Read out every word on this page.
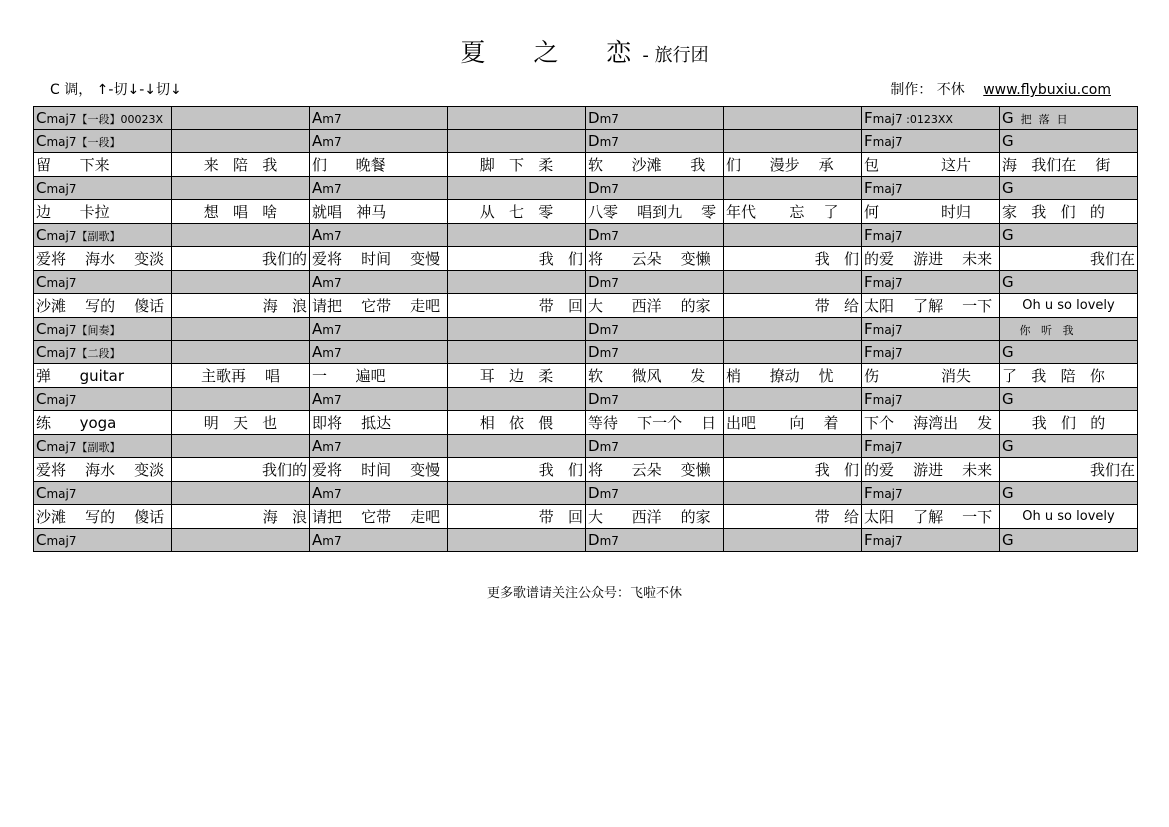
夏 之 恋 - 旅行团
C 调， ↑-切↓-↓切↓	制作： 不休 www.flybuxiu.com
Cmaj7【一段】00023X		Am7		Dm7		Fmaj7 :0123XX	G  把  落  日
Cmaj7【一段】		Am7		Dm7		Fmaj7	G
留      下来	来   陪   我	们      晚餐	脚   下   柔	软      沙滩      我	们      漫步    承	包             这片	海   我们在    街
Cmaj7		Am7		Dm7		Fmaj7	G
边      卡拉	想   唱   啥	就唱   神马	从   七   零	八零    唱到九    零	年代       忘    了	何             时归	家   我   们   的
Cmaj7【副歌】		Am7		Dm7		Fmaj7	G
爱将    海水    变淡	我们的	爱将    时间    变慢	我   们	将      云朵    变懒	我   们	的爱    游进    未来	我们在
Cmaj7		Am7		Dm7		Fmaj7	G
沙滩    写的    傻话	海   浪	请把    它带    走吧	带   回	大      西洋    的家	带   给	太阳    了解    一下	Oh u so lovely
Cmaj7【间奏】		Am7		Dm7		Fmaj7	你   听   我
Cmaj7【二段】		Am7		Dm7		Fmaj7	G
弹      guitar	主歌再    唱	一      遍吧	耳   边   柔	软      微风      发	梢      撩动    忧	伤             消失	了   我   陪   你
Cmaj7		Am7		Dm7		Fmaj7	G
练      yoga	明   天   也	即将    抵达	相   依   偎	等待    下一个    日	出吧       向    着	下个    海湾出    发	我   们   的
Cmaj7【副歌】		Am7		Dm7		Fmaj7	G
爱将    海水    变淡	我们的	爱将    时间    变慢	我   们	将      云朵    变懒	我   们	的爱    游进    未来	我们在
Cmaj7		Am7		Dm7		Fmaj7	G
沙滩    写的    傻话	海   浪	请把    它带    走吧	带   回	大      西洋    的家	带   给	太阳    了解    一下	Oh u so lovely
Cmaj7		Am7		Dm7		Fmaj7	G
更多歌谱请关注公众号：飞啦不休
